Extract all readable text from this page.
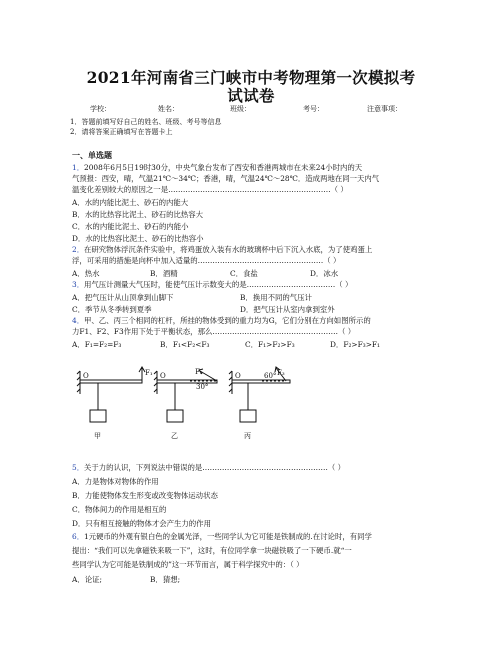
2021年河南省三门峡市中考物理第一次模拟考
试试卷
学校：	姓名：	班级：	考号：	注意事项：
1．答题前填写好自己的姓名、班级、考号等信息
2．请将答案正确填写在答题卡上
一、单选题
1． 2008年6月5日19时30分，中央气象台发布了西安和香港两城市在未来24小时内的天
气预报：西安，晴，气温21℃～34℃；香港，晴，气温24℃～28℃．造成两地在同一天内气
温变化差别较大的原因之一是…………………………………………………………（ ）
A．水的内能比泥土、砂石的内能大
B．水的比热容比泥土、砂石的比热容大
C．水的内能比泥土、砂石的内能小
D．水的比热容比泥土、砂石的比热容小
2． 在研究物体浮沉条件实验中，将鸡蛋放入装有水的玻璃杯中后下沉入水底，为了使鸡蛋上
浮，可采用的措施是向杯中加入适量的……………………………………………（ ）
A．热水	B．酒精	C．食盐	D．冰水
3． 用气压计测量大气压时，能使气压计示数变大的是………………………………（ ）
A．把气压计从山顶拿到山脚下	B．换用不同的气压计
C．季节从冬季转到夏季	D．把气压计从室内拿到室外
4． 甲、乙、丙三个相同的杠杆，所挂的物体受到的重力均为G，它们分别在方向如图所示的
力F1、F2、F3作用下处于平衡状态，那么……………………………………………（ ）
A．F₁=F₂=F₃	B．F₁<F₂<F₃	C．F₁>F₂>F₃	D．F₂>F₃>F₁
F₁
O	F₂
30°
O	F₃
60°
O
甲	乙	丙
5． 关于力的认识，下列说法中错误的是……………………………………………（ ）
A．力是物体对物体的作用
B．力能使物体发生形变或改变物体运动状态
C．物体间力的作用是相互的
D．只有相互接触的物体才会产生力的作用
6． 1元硬币的外观有银白色的金属光泽，一些同学认为它可能是铁制成的.在讨论时，有同学
提出：“我们可以先拿磁铁来吸一下”，这时，有位同学拿一块磁铁吸了一下硬币.就“一
些同学认为它可能是铁制成的”这一环节而言，属于科学探究中的：（ ）
A．论证;	B．猜想;
